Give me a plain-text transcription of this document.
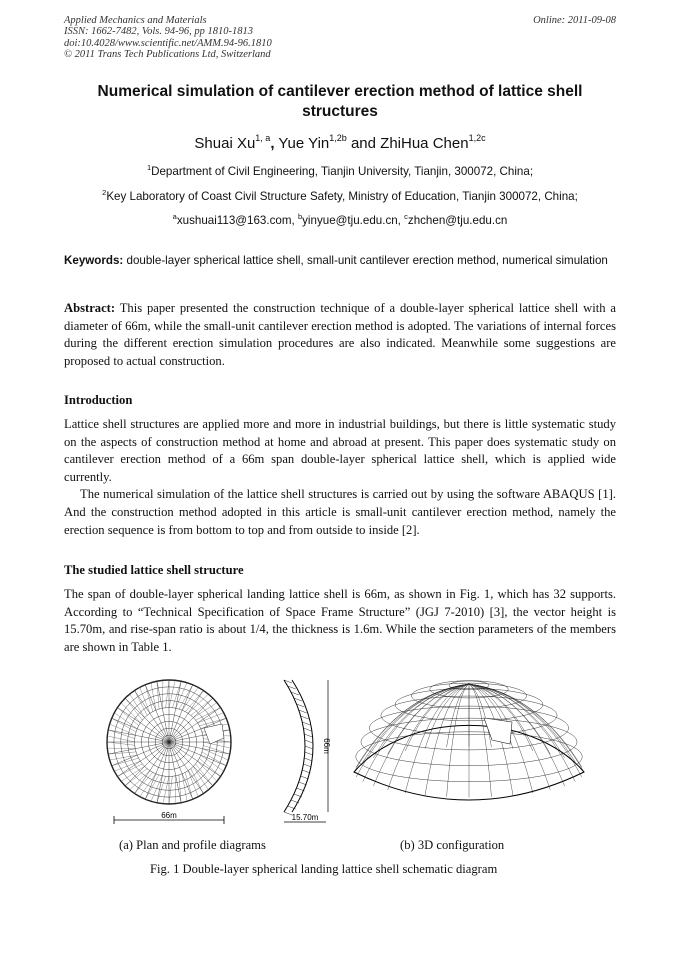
Applied Mechanics and Materials
ISSN: 1662-7482, Vols. 94-96, pp 1810-1813
doi:10.4028/www.scientific.net/AMM.94-96.1810
© 2011 Trans Tech Publications Ltd, Switzerland
Online: 2011-09-08
Numerical simulation of cantilever erection method of lattice shell structures
Shuai Xu$^{1, a}$, Yue Yin$^{1,2b}$ and ZhiHua Chen$^{1,2c}$
$^1$Department of Civil Engineering, Tianjin University, Tianjin, 300072, China;
$^2$Key Laboratory of Coast Civil Structure Safety, Ministry of Education, Tianjin 300072, China;
$^a$xushuai113@163.com, $^b$yinyue@tju.edu.cn, $^c$zhchen@tju.edu.cn
Keywords: double-layer spherical lattice shell, small-unit cantilever erection method, numerical simulation
Abstract: This paper presented the construction technique of a double-layer spherical lattice shell with a diameter of 66m, while the small-unit cantilever erection method is adopted. The variations of internal forces during the different erection simulation procedures are also indicated. Meanwhile some suggestions are proposed to actual construction.
Introduction

Lattice shell structures are applied more and more in industrial buildings, but there is little systematic study on the aspects of construction method at home and abroad at present. This paper does systematic study on cantilever erection method of a 66m span double-layer spherical lattice shell, which is applied wide currently.

The numerical simulation of the lattice shell structures is carried out by using the software ABAQUS [1]. And the construction method adopted in this article is small-unit cantilever erection method, namely the erection sequence is from bottom to top and from outside to inside [2].

The studied lattice shell structure
The span of double-layer spherical landing lattice shell is 66m, as shown in Fig. 1, which has 32 supports. According to “Technical Specification of Space Frame Structure” (JGJ 7-2010) [3], the vector height is 15.70m, and rise-span ratio is about 1/4, the thickness is 1.6m. While the section parameters of the members are shown in Table 1.
66m
66m
15.70m
(a) Plan and profile diagrams	(b) 3D configuration
Fig. 1 Double-layer spherical landing lattice shell schematic diagram
